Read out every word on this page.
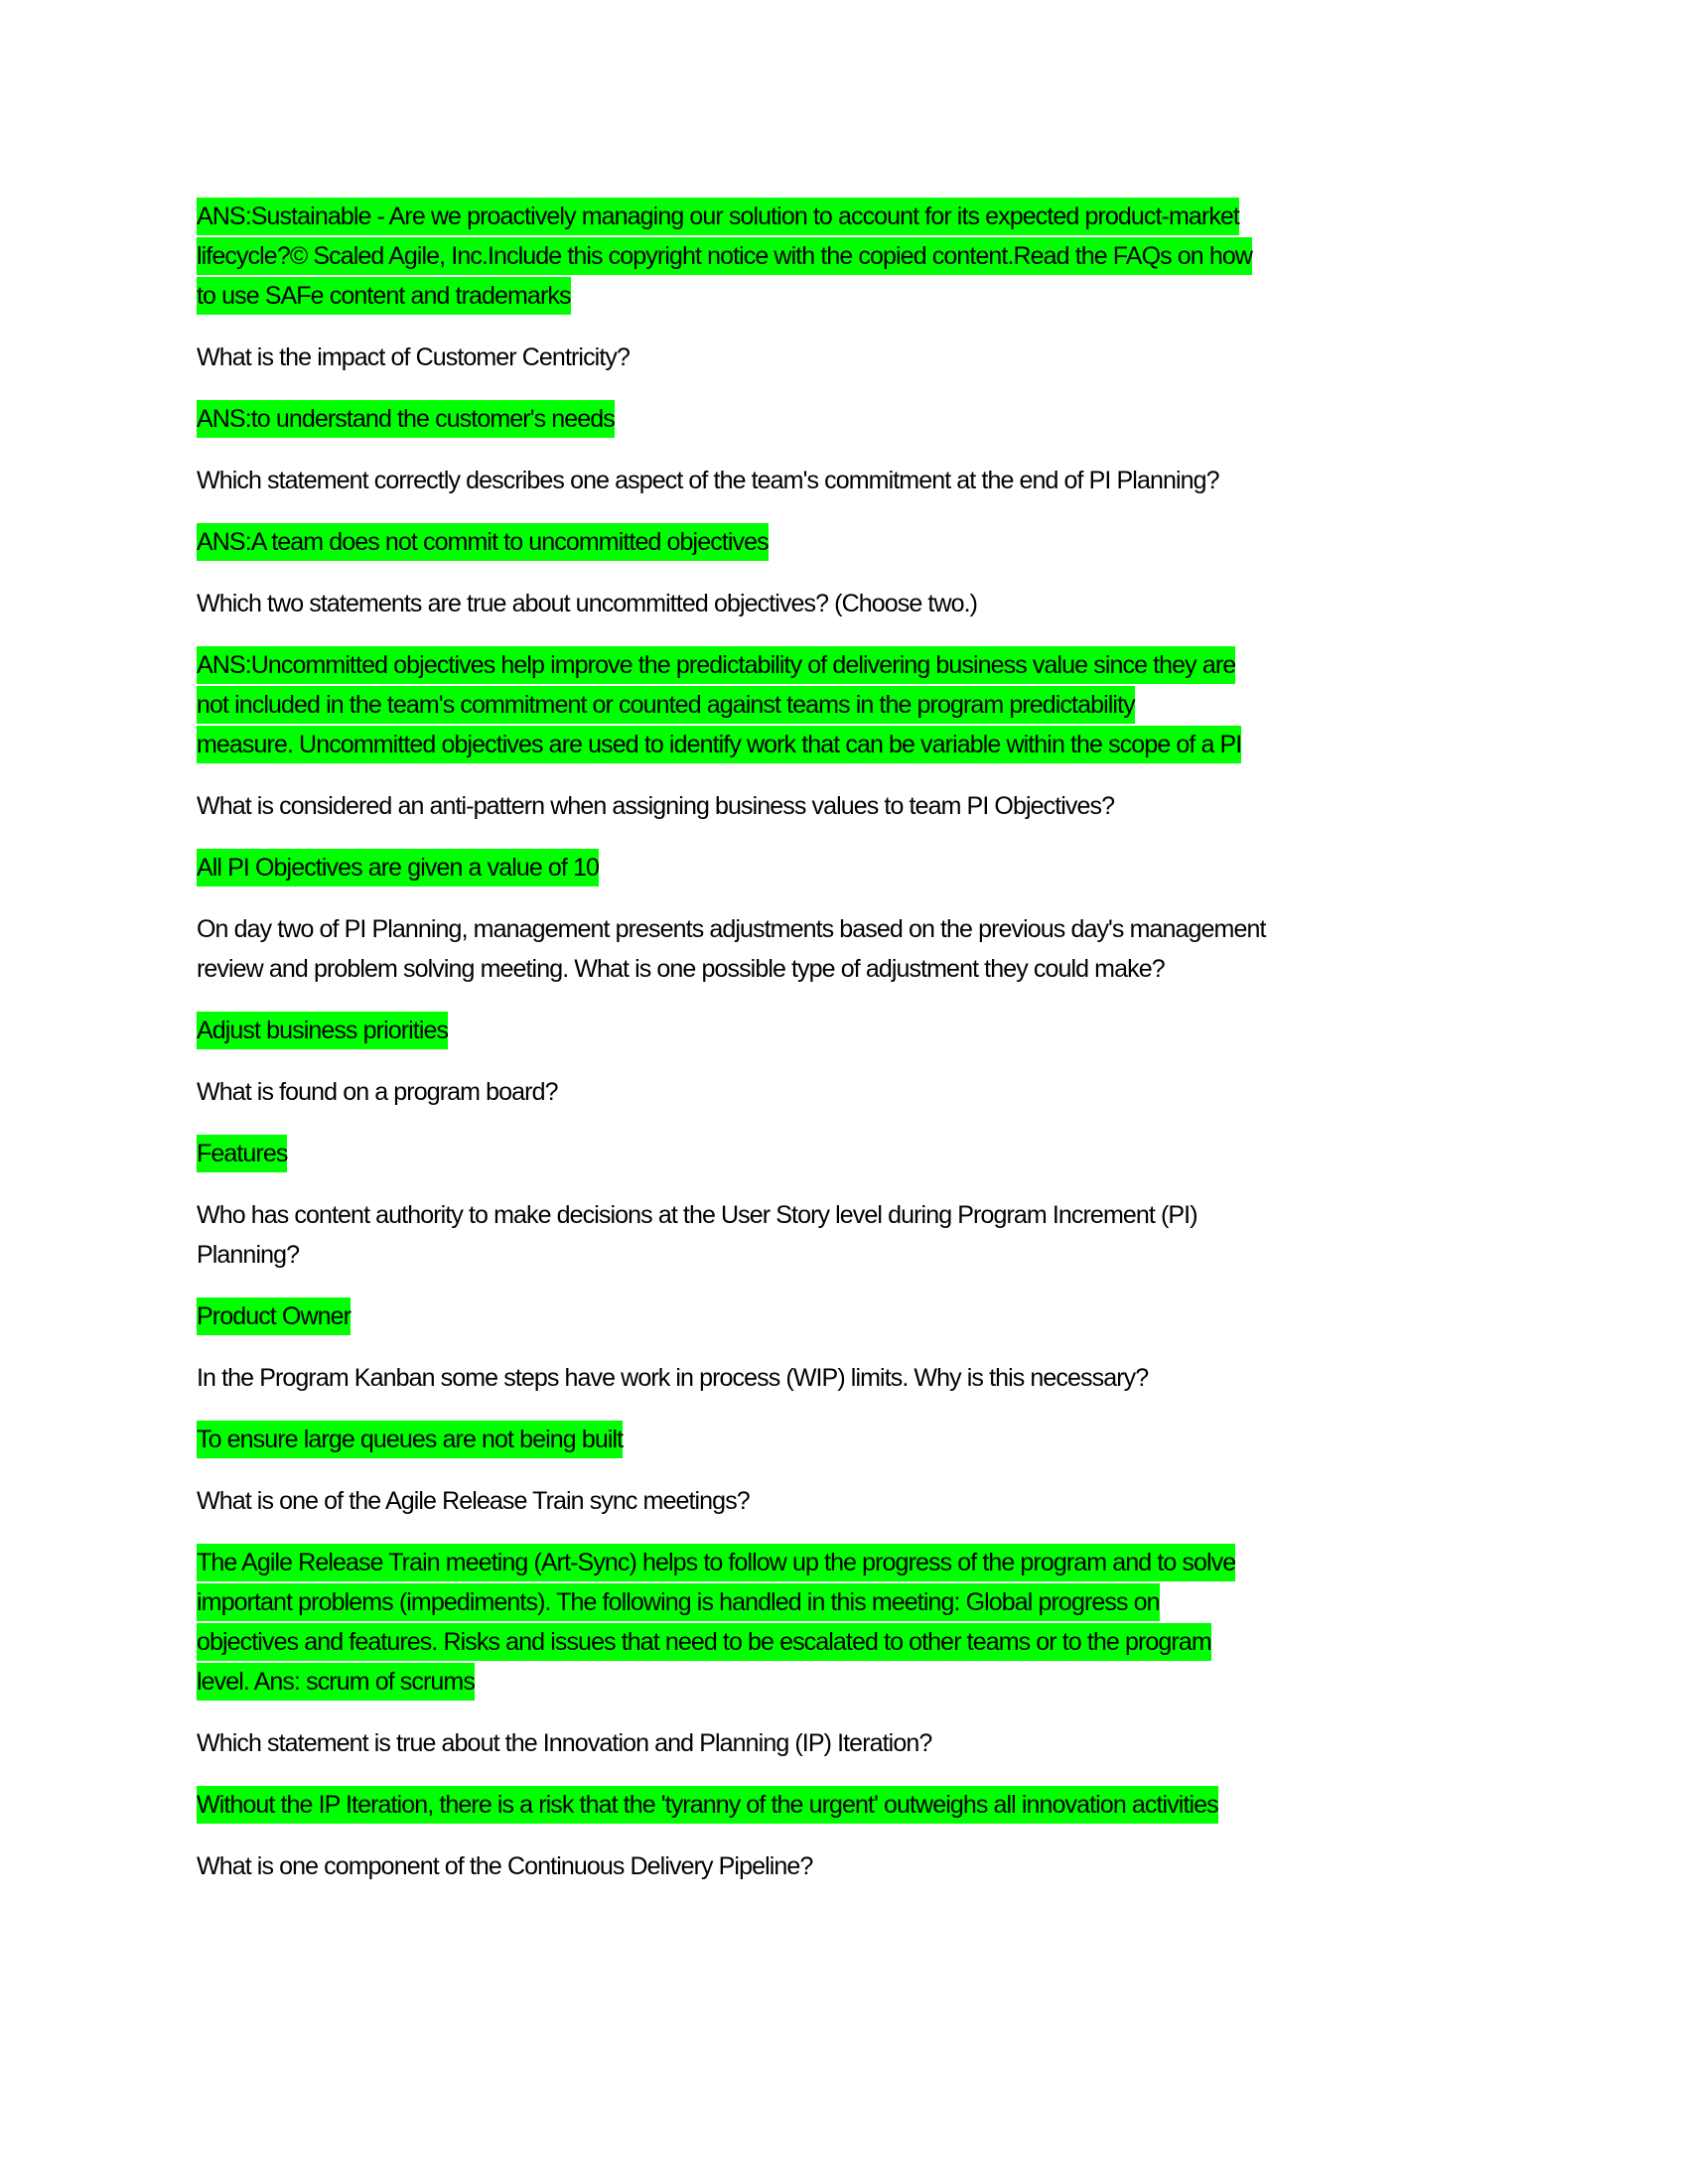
ANS:Sustainable - Are we proactively managing our solution to account for its expected product-market
lifecycle?© Scaled Agile, Inc.Include this copyright notice with the copied content.Read the FAQs on how
to use SAFe content and trademarks
What is the impact of Customer Centricity?
ANS:to understand the customer's needs
Which statement correctly describes one aspect of the team's commitment at the end of PI Planning?
ANS:A team does not commit to uncommitted objectives
Which two statements are true about uncommitted objectives? (Choose two.)
ANS:Uncommitted objectives help improve the predictability of delivering business value since they are
not included in the team's commitment or counted against teams in the program predictability
measure. Uncommitted objectives are used to identify work that can be variable within the scope of a PI
What is considered an anti-pattern when assigning business values to team PI Objectives?
All PI Objectives are given a value of 10
On day two of PI Planning, management presents adjustments based on the previous day's management
review and problem solving meeting. What is one possible type of adjustment they could make?
Adjust business priorities
What is found on a program board?
Features
Who has content authority to make decisions at the User Story level during Program Increment (PI)
Planning?
Product Owner
In the Program Kanban some steps have work in process (WIP) limits. Why is this necessary?
To ensure large queues are not being built
What is one of the Agile Release Train sync meetings?
The Agile Release Train meeting (Art-Sync) helps to follow up the progress of the program and to solve
important problems (impediments). The following is handled in this meeting: Global progress on
objectives and features. Risks and issues that need to be escalated to other teams or to the program
level. Ans: scrum of scrums
Which statement is true about the Innovation and Planning (IP) Iteration?
Without the IP Iteration, there is a risk that the 'tyranny of the urgent' outweighs all innovation activities
What is one component of the Continuous Delivery Pipeline?
